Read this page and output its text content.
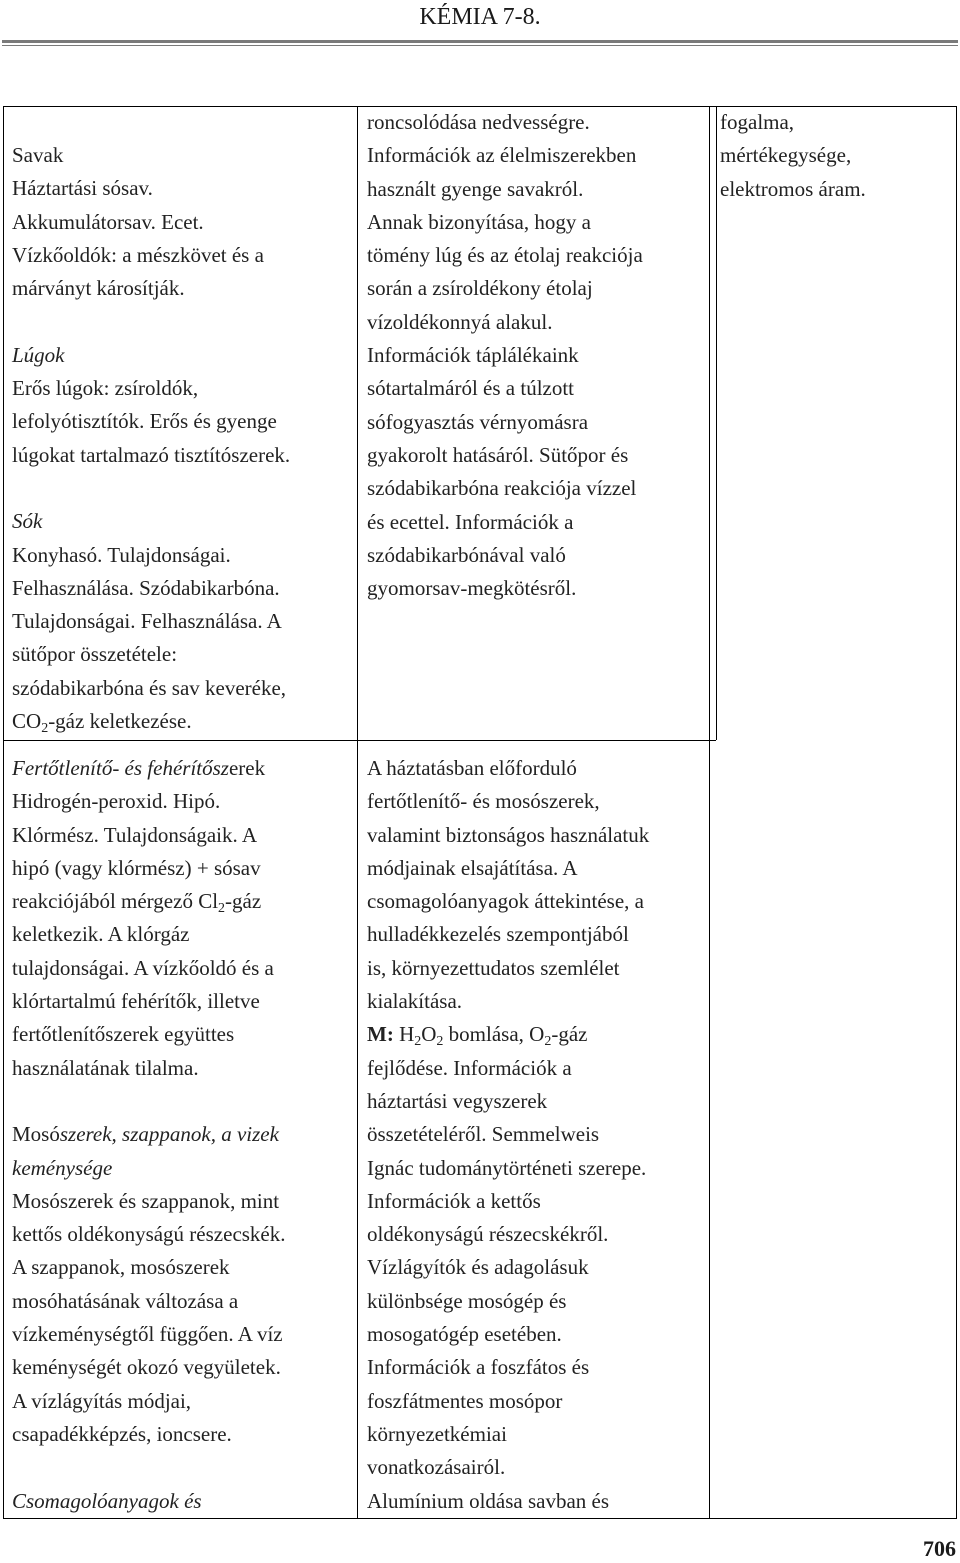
KÉMIA 7-8.

Savak

Háztartási sósav.

Akkumulátorsav. Ecet.

Vízkőoldók: a mészkövet és a

márványt károsítják.

Lúgok

Erős lúgok: zsíroldók,

lefolyótisztítók. Erős és gyenge

lúgokat tartalmazó tisztítószerek.

Sók

Konyhasó. Tulajdonságai.

Felhasználása. Szódabikarbóna.

Tulajdonságai. Felhasználása. A

sütőpor összetétele:

szódabikarbóna és sav keveréke,

$CO_2$-gáz keletkezése.

Fertőtlenítő- és fehérítőszerek

Hidrogén-peroxid. Hipó.

Klórmész. Tulajdonságaik. A

hipó (vagy klórmész) + sósav

reakciójából mérgező $Cl_2$-gáz

keletkezik. A klórgáz

tulajdonságai. A vízkőoldó és a

klórtartalmú fehérítők, illetve

fertőtlenítőszerek együttes

használatának tilalma.

Mosószerek, szappanok, a vizek

keménysége

Mosószerek és szappanok, mint

kettős oldékonyságú részecskék.

A szappanok, mosószerek

mosóhatásának változása a

vízkeménységtől függően. A víz

keménységét okozó vegyületek.

A vízlágyítás módjai,

csapadékképzés, ioncsere.

Csomagolóanyagok és

roncsolódása nedvességre.

Információk az élelmiszerekben

használt gyenge savakról.

Annak bizonyítása, hogy a

tömény lúg és az étolaj reakciója

során a zsíroldékony étolaj

vízoldékonnyá alakul.

Információk táplálékaink

sótartalmáról és a túlzott

sófogyasztás vérnyomásra

gyakorolt hatásáról. Sütőpor és

szódabikarbóna reakciója vízzel

és ecettel. Információk a

szódabikarbónával való

gyomorsav-megkötésről.

A háztatásban előforduló

fertőtlenítő- és mosószerek,

valamint biztonságos használatuk

módjainak elsajátítása. A

csomagolóanyagok áttekintése, a

hulladékkezelés szempontjából

is, környezettudatos szemlélet

kialakítása.

M: $H_2O_2$ bomlása, $O_2$-gáz

fejlődése. Információk a

háztartási vegyszerek

összetételéről. Semmelweis

Ignác tudománytörténeti szerepe.

Információk a kettős

oldékonyságú részecskékről.

Vízlágyítók és adagolásuk

különbsége mosógép és

mosogatógép esetében.

Információk a foszfátos és

foszfátmentes mosópor

környezetkémiai

vonatkozásairól.

Alumínium oldása savban és

fogalma,

mértékegysége,

elektromos áram.

706
